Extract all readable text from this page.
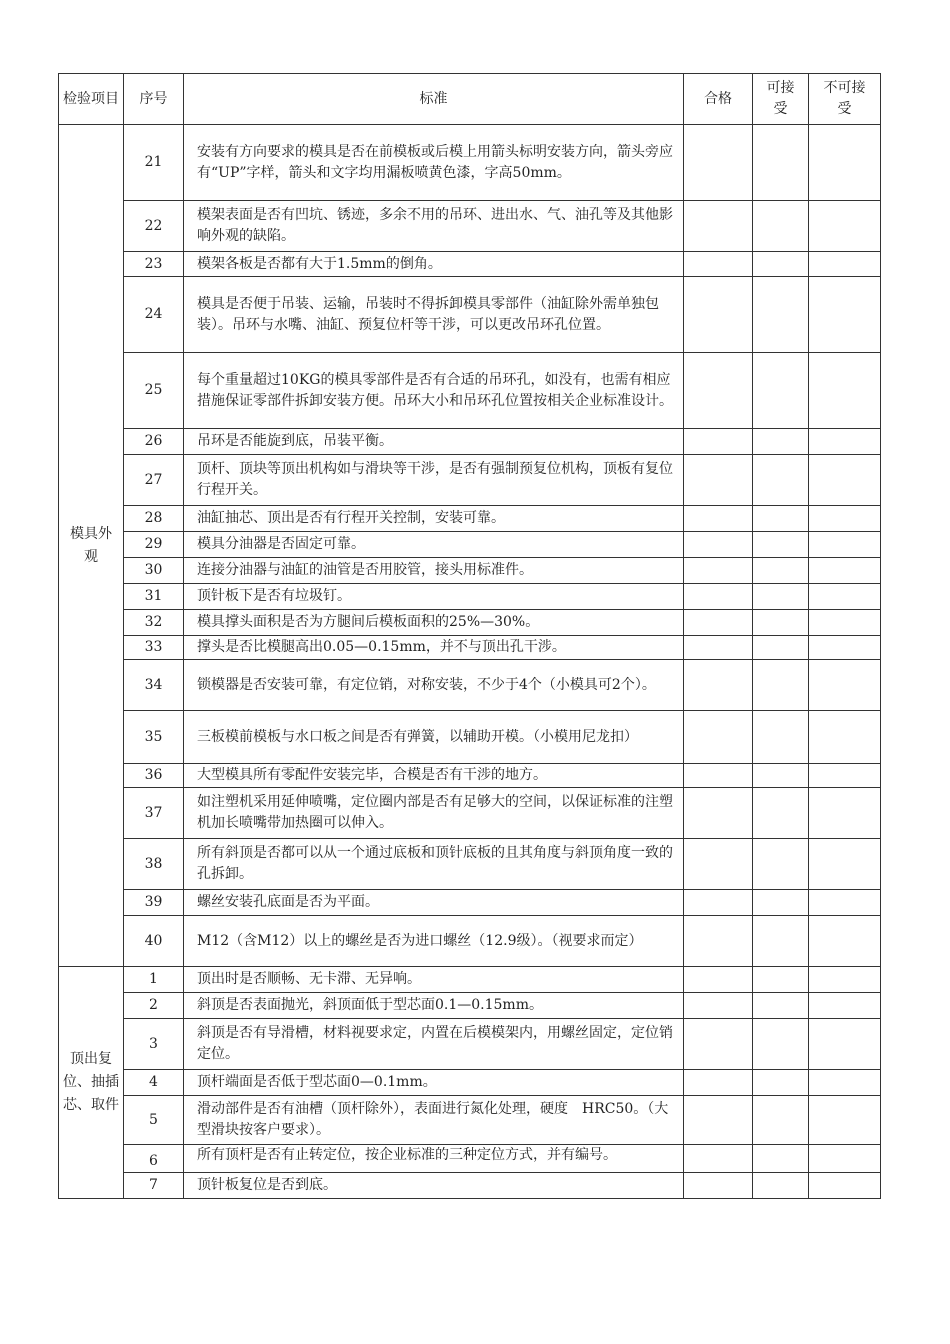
检验项目	序号	标准	合格	可接受	不可接受
模具外观	21	安装有方向要求的模具是否在前模板或后模上用箭头标明安装方向，箭头旁应有“UP”字样，箭头和文字均用漏板喷黄色漆，字高50mm。			
	22	模架表面是否有凹坑、锈迹，多余不用的吊环、进出水、气、油孔等及其他影响外观的缺陷。			
	23	模架各板是否都有大于1.5mm的倒角。			
	24	模具是否便于吊装、运输，吊装时不得拆卸模具零部件（油缸除外需单独包装）。吊环与水嘴、油缸、预复位杆等干涉，可以更改吊环孔位置。			
	25	每个重量超过10KG的模具零部件是否有合适的吊环孔，如没有，也需有相应措施保证零部件拆卸安装方便。吊环大小和吊环孔位置按相关企业标准设计。			
	26	吊环是否能旋到底，吊装平衡。			
	27	顶杆、顶块等顶出机构如与滑块等干涉，是否有强制预复位机构，顶板有复位行程开关。			
	28	油缸抽芯、顶出是否有行程开关控制，安装可靠。			
	29	模具分油器是否固定可靠。			
	30	连接分油器与油缸的油管是否用胶管，接头用标准件。			
	31	顶针板下是否有垃圾钉。			
	32	模具撑头面积是否为方腿间后模板面积的25%—30%。			
	33	撑头是否比模腿高出0.05—0.15mm，并不与顶出孔干涉。			
	34	锁模器是否安装可靠，有定位销，对称安装，不少于4个（小模具可2个）。			
	35	三板模前模板与水口板之间是否有弹簧，以辅助开模。（小模用尼龙扣）			
	36	大型模具所有零配件安装完毕，合模是否有干涉的地方。			
	37	如注塑机采用延伸喷嘴，定位圈内部是否有足够大的空间，以保证标准的注塑机加长喷嘴带加热圈可以伸入。			
	38	所有斜顶是否都可以从一个通过底板和顶针底板的且其角度与斜顶角度一致的孔拆卸。			
	39	螺丝安装孔底面是否为平面。			
	40	M12（含M12）以上的螺丝是否为进口螺丝（12.9级）。（视要求而定）			
顶出复位、抽插芯、取件	1	顶出时是否顺畅、无卡滞、无异响。			
	2	斜顶是否表面抛光，斜顶面低于型芯面0.1—0.15mm。			
	3	斜顶是否有导滑槽，材料视要求定，内置在后模模架内，用螺丝固定，定位销定位。			
	4	顶杆端面是否低于型芯面0—0.1mm。			
	5	滑动部件是否有油槽（顶杆除外），表面进行氮化处理，硬度　HRC50。（大型滑块按客户要求）。			
	6	所有顶杆是否有止转定位，按企业标准的三种定位方式，并有编号。			

	7	顶针板复位是否到底。			
